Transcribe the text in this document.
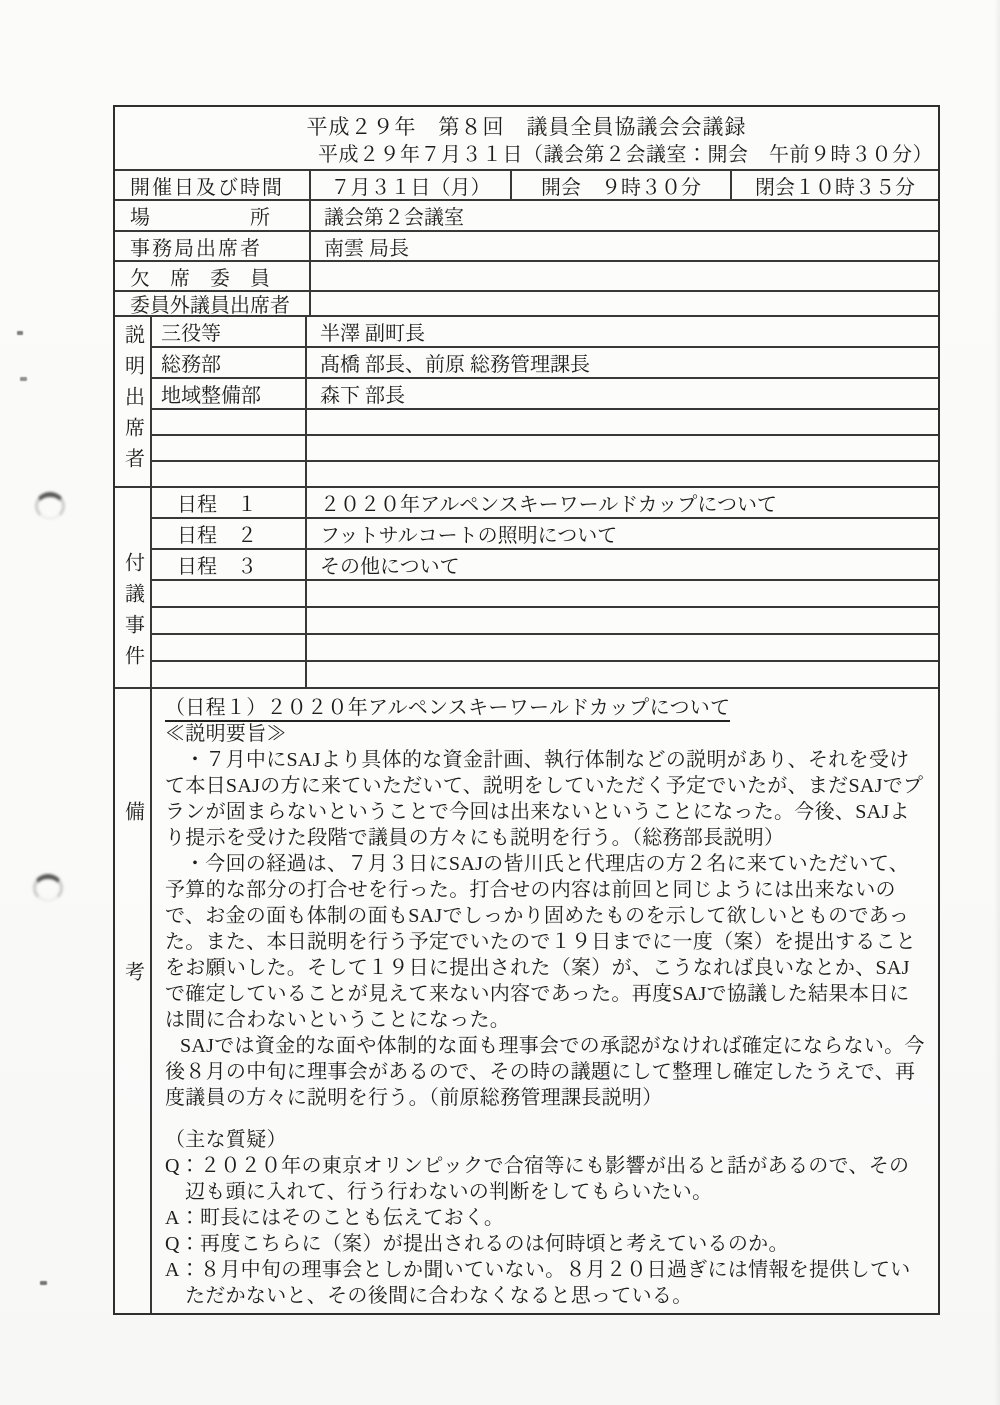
平成２９年　第８回　議員全員協議会会議録
平成２９年７月３１日（議会第２会議室：開会　午前９時３０分）
開催日及び時間	７月３１日（月）	開会　９時３０分	閉会１０時３５分
場　　　　　所	議会第２会議室
事務局出席者	南雲 局長
欠　席　委　員
委員外議員出席者
説明出席者 三役等	半澤 副町長
総務部	髙橋 部長、前原 総務管理課長
地域整備部	森下 部長
付議事件
日程　１	２０２０年アルペンスキーワールドカップについて
日程　２	フットサルコートの照明について
日程　３	その他について
備考
（日程１）２０２０年アルペンスキーワールドカップについて
≪説明要旨≫

・７月中にSAJより具体的な資金計画、執行体制などの説明があり、それを受けて本日SAJの方に来ていただいて、説明をしていただく予定でいたが、まだSAJでプランが固まらないということで今回は出来ないということになった。今後、SAJより提示を受けた段階で議員の方々にも説明を行う。（総務部長説明）

・今回の経過は、７月３日にSAJの皆川氏と代理店の方２名に来ていただいて、予算的な部分の打合せを行った。打合せの内容は前回と同じようには出来ないので、お金の面も体制の面もSAJでしっかり固めたものを示して欲しいとものであった。また、本日説明を行う予定でいたので１９日までに一度（案）を提出することをお願いした。そして１９日に提出された（案）が、こうなれば良いなとか、SAJで確定していることが見えて来ない内容であった。再度SAJで協議した結果本日には間に合わないということになった。

SAJでは資金的な面や体制的な面も理事会での承認がなければ確定にならない。今後８月の中旬に理事会があるので、その時の議題にして整理し確定したうえで、再度議員の方々に説明を行う。（前原総務管理課長説明）

（主な質疑）

Q：２０２０年の東京オリンピックで合宿等にも影響が出ると話があるので、その辺も頭に入れて、行う行わないの判断をしてもらいたい。

A：町長にはそのことも伝えておく。

Q：再度こちらに（案）が提出されるのは何時頃と考えているのか。

A：８月中旬の理事会としか聞いていない。８月２０日過ぎには情報を提供していただかないと、その後間に合わなくなると思っている。
